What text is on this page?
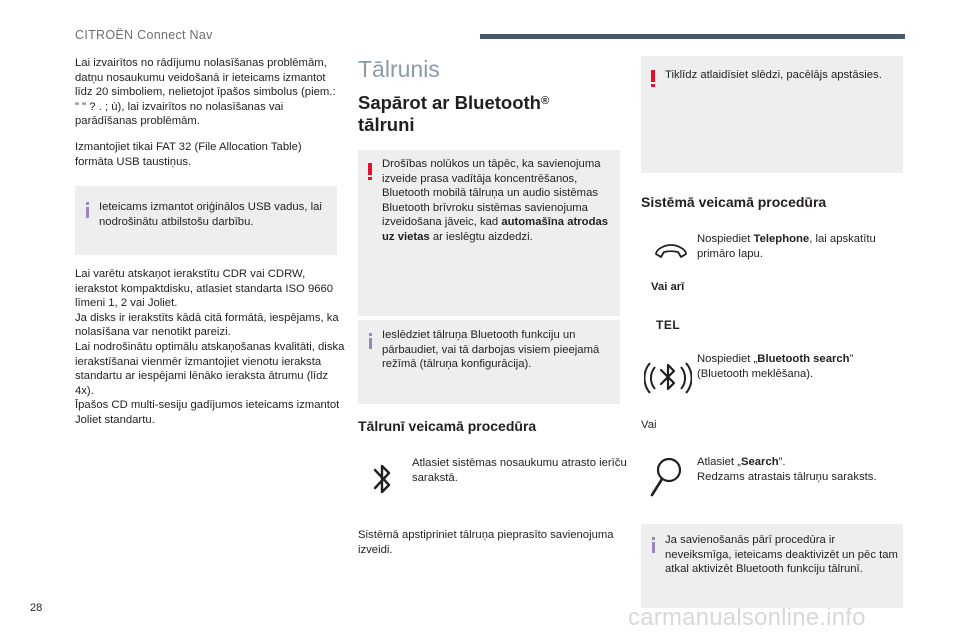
CITROËN Connect Nav
Lai izvairītos no rādījumu nolasīšanas problēmām, datņu nosaukumu veidošanā ir ieteicams izmantot līdz 20 simboliem, nelietojot īpašos simbolus (piem.: " " ? . ; ù), lai izvairītos no nolasīšanas vai parādīšanas problēmām.
Izmantojiet tikai FAT 32 (File Allocation Table) formāta USB taustiņus.
Ieteicams izmantot oriģinālos USB vadus, lai nodrošinātu atbilstošu darbību.
Lai varētu atskaņot ierakstītu CDR vai CDRW, ierakstot kompaktdisku, atlasiet standarta ISO 9660 līmeni 1, 2 vai Joliet.
Ja disks ir ierakstīts kādā citā formātā, iespējams, ka nolasīšana var nenotikt pareizi.
Lai nodrošinātu optimālu atskaņošanas kvalitāti, diska ierakstīšanai vienmēr izmantojiet vienotu ieraksta standartu ar iespējami lēnāko ieraksta ātrumu (līdz 4x).
Īpašos CD multi-sesiju gadījumos ieteicams izmantot Joliet standartu.
Tālrunis
Sapārot ar Bluetooth®
tālruni
Drošības nolūkos un tāpēc, ka savienojuma izveide prasa vadītāja koncentrēšanos, Bluetooth mobilā tālruņa un audio sistēmas Bluetooth brīvroku sistēmas savienojuma izveidošana jāveic, kad automašīna atrodas uz vietas ar ieslēgtu aizdedzi.
Ieslēdziet tālruņa Bluetooth funkciju un pārbaudiet, vai tā darbojas visiem pieejamā režīmā (tālruņa konfigurācija).
Tālrunī veicamā procedūra
Atlasiet sistēmas nosaukumu atrasto ierīču sarakstā.
Sistēmā apstipriniet tālruņa pieprasīto savienojuma izveidi.
Tiklīdz atlaidīsiet slēdzi, pacēlājs apstāsies.
Sistēmā veicamā procedūra
Nospiediet Telephone, lai apskatītu primāro lapu.
Vai arī
TEL
Nospiediet „Bluetooth search” (Bluetooth meklēšana).
Vai
Atlasiet „Search”.
Redzams atrastais tālruņu saraksts.
Ja savienošanās pārī procedūra ir neveiksmīga, ieteicams deaktivizēt un pēc tam atkal aktivizēt Bluetooth funkciju tālrunī.
28	carmanualsonline.info
